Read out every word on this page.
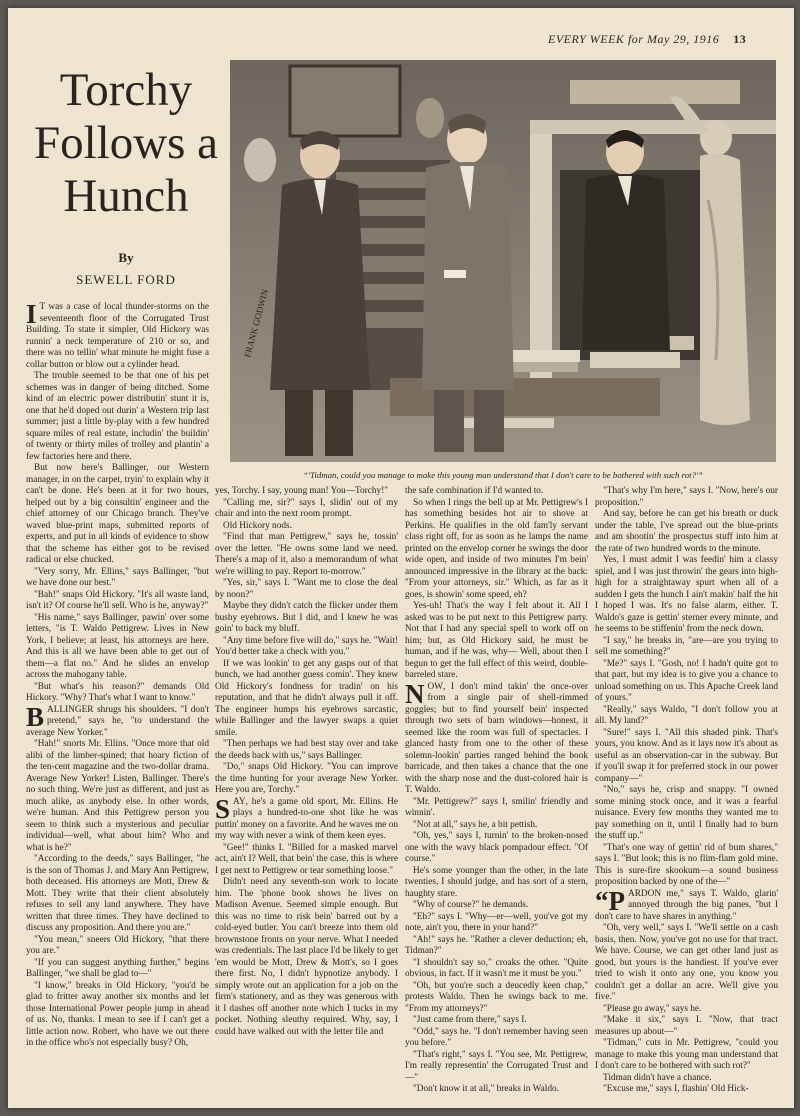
EVERY WEEK for May 29, 1916 13
Torchy
Follows a
Hunch
By
SEWELL FORD
FRANK GODWIN
“'Tidman, could you manage to make this young man understand that I don't care to be bothered with such rot?'”

I T was a case of local thunder-storms on the seventeenth floor of the Corrugated Trust Building. To state it simpler, Old Hickory was runnin' a neck temperature of 210 or so, and there was no tellin' what minute he might fuse a collar button or blow out a cylinder head.

The trouble seemed to be that one of his pet schemes was in danger of being ditched. Some kind of an electric power distributin' stunt it is, one that he'd doped out durin' a Western trip last summer; just a little by-play with a few hundred square miles of real estate, includin' the buildin' of twenty or thirty miles of trolley and plantin' a few factories here and there.

But now here's Ballinger, our Western manager, in on the carpet, tryin' to explain why it can't be done. He's been at it for two hours, helped out by a big consultin' engineer and the chief attorney of our Chicago branch. They've waved blue-print maps, submitted reports of experts, and put in all kinds of evidence to show that the scheme has either got to be revised radical or else chucked.

"Very sorry, Mr. Ellins," says Ballinger, "but we have done our best."

"Bah!" snaps Old Hickory. "It's all waste land, isn't it? Of course he'll sell. Who is he, anyway?"

"His name," says Ballinger, pawin' over some letters, "is T. Waldo Pettigrew. Lives in New York, I believe; at least, his attorneys are here. And this is all we have been able to get out of them—a flat no." And he slides an envelop across the mahogany table.

"But what's his reason?" demands Old Hickory. "Why? That's what I want to know."

BALLINGER shrugs his shoulders. "I don't pretend," says he, "to understand the average New Yorker."

"Hah!" snorts Mr. Ellins. "Once more that old alibi of the limber-spined; that hoary fiction of the ten-cent magazine and the two-dollar drama. Average New Yorker! Listen, Ballinger. There's no such thing. We're just as different, and just as much alike, as anybody else. In other words, we're human. And this Pettigrew person you seem to think such a mysterious and peculiar individual—well, what about him? Who and what is he?"

"According to the deeds," says Ballinger, "he is the son of Thomas J. and Mary Ann Pettigrew, both deceased. His attorneys are Mott, Drew & Mott. They write that their client absolutely refuses to sell any land anywhere. They have written that three times. They have declined to discuss any proposition. And there you are."

"You mean," sneers Old Hickory, "that there you are."

"If you can suggest anything further," begins Ballinger, "we shall be glad to—"

"I know," breaks in Old Hickory, "you'd be glad to fritter away another six months and let those International Power people jump in ahead of us. No, thanks. I mean to see if I can't get a little action now. Robert, who have we out there in the office who's not especially busy? Oh,

yes, Torchy. I say, young man! You—Torchy!"

"Calling me, sir?" says I, slidin' out of my chair and into the next room prompt.

Old Hickory nods.

"Find that man Pettigrew," says he, tossin' over the letter. "He owns some land we need. There's a map of it, also a memorandum of what we're willing to pay. Report to-morrow."

"Yes, sir," says I. "Want me to close the deal by noon?"

Maybe they didn't catch the flicker under them bushy eyebrows. But I did, and I knew he was goin' to back my bluff.

"Any time before five will do," says he. "Wait! You'd better take a check with you."

If we was lookin' to get any gasps out of that bunch, we had another guess comin'. They knew Old Hickory's fondness for tradin' on his reputation, and that he didn't always pull it off. The engineer humps his eyebrows sarcastic, while Ballinger and the lawyer swaps a quiet smile.

"Then perhaps we had best stay over and take the deeds back with us," says Ballinger.

"Do," snaps Old Hickory. "You can improve the time hunting for your average New Yorker. Here you are, Torchy."

SAY, he's a game old sport, Mr. Ellins. He plays a hundred-to-one shot like he was puttin' money on a favorite. And he waves me on my way with never a wink of them keen eyes.

"Gee!" thinks I. "Billed for a masked marvel act, ain't I? Well, that bein' the case, this is where I get next to Pettigrew or tear something loose."

Didn't need any seventh-son work to locate him. The 'phone book shows he lives on Madison Avenue. Seemed simple enough. But this was no time to risk bein' barred out by a cold-eyed butler. You can't breeze into them old brownstone fronts on your nerve. What I needed was credentials. The last place I'd be likely to get 'em would be Mott, Drew & Mott's, so I goes there first. No, I didn't hypnotize anybody. I simply wrote out an application for a job on the firm's stationery, and as they was generous with it I dashes off another note which I tucks in my pocket. Nothing sleuthy required. Why, say, I could have walked out with the letter file and

the safe combination if I'd wanted to.

So when I rings the bell up at Mr. Pettigrew's I has something besides hot air to shove at Perkins. He qualifies in the old fam'ly servant class right off, for as soon as he lamps the name printed on the envelop corner he swings the door wide open, and inside of two minutes I'm bein' announced impressive in the library at the back: "From your attorneys, sir." Which, as far as it goes, is showin' some speed, eh?

Yes-uh! That's the way I felt about it. All I asked was to be put next to this Pettigrew party. Not that I had any special spell to work off on him; but, as Old Hickory said, he must be human, and if he was, why— Well, about then I begun to get the full effect of this weird, double-barreled stare.

NOW, I don't mind takin' the once-over from a single pair of shell-rimmed goggles; but to find yourself bein' inspected through two sets of barn windows—honest, it seemed like the room was full of spectacles. I glanced hasty from one to the other of these solemn-lookin' parties ranged behind the book barricade, and then takes a chance that the one with the sharp nose and the dust-colored hair is T. Waldo.

"Mr. Pettigrew?" says I, smilin' friendly and winnin'.

"Not at all," says he, a bit pettish.

"Oh, yes," says I, turnin' to the broken-nosed one with the wavy black pompadour effect. "Of course."

He's some younger than the other, in the late twenties, I should judge, and has sort of a stern, haughty stare.

"Why of course?" he demands.

"Eh?" says I. "Why—er—well, you've got my note, ain't you, there in your hand?"

"Ah!" says he. "Rather a clever deduction; eh, Tidman?"

"I shouldn't say so," croaks the other. "Quite obvious, in fact. If it wasn't me it must be you."

"Oh, but you're such a deucedly keen chap," protests Waldo. Then he swings back to me. "From my attorneys?"

"Just came from there," says I.

"Odd," says he. "I don't remember having seen you before."

"That's right," says I. "You see, Mr. Pettigrew, I'm really representin' the Corrugated Trust and—"

"Don't know it at all," breaks in Waldo.

"That's why I'm here," says I. "Now, here's our proposition."

And say, before he can get his breath or duck under the table, I've spread out the blue-prints and am shootin' the prospectus stuff into him at the rate of two hundred words to the minute.

Yes, I must admit I was feedin' him a classy spiel, and I was just throwin' the gears into high-high for a straightaway spurt when all of a sudden I gets the hunch I ain't makin' half the hit I hoped I was. It's no false alarm, either. T. Waldo's gaze is gettin' sterner every minute, and he seems to be stiffenin' from the neck down.

"I say," he breaks in, "are—are you trying to sell me something?"

"Me?" says I. "Gosh, no! I hadn't quite got to that part, but my idea is to give you a chance to unload something on us. This Apache Creek land of yours."

"Really," says Waldo, "I don't follow you at all. My land?"

"Sure!" says I. "All this shaded pink. That's yours, you know. And as it lays now it's about as useful as an observation-car in the subway. But if you'll swap it for preferred stock in our power company—"

"No," says he, crisp and snappy. "I owned some mining stock once, and it was a fearful nuisance. Every few months they wanted me to pay something on it, until I finally had to burn the stuff up."

"That's one way of gettin' rid of bum shares," says I. "But look; this is no flim-flam gold mine. This is sure-fire skookum—a sound business proposition backed by one of the—"

“PARDON me," says T. Waldo, glarin' annoyed through the big panes, "but I don't care to have shares in anything."

"Oh, very well," says I. "We'll settle on a cash basis, then. Now, you've got no use for that tract. We have. Course, we can get other land just as good, but yours is the handiest. If you've ever tried to wish it onto any one, you know you couldn't get a dollar an acre. We'll give you five."

"Please go away," says he.

"Make it six," says I. "Now, that tract measures up about—"

"Tidman," cuts in Mr. Pettigrew, "could you manage to make this young man understand that I don't care to be bothered with such rot?"

Tidman didn't have a chance.

"Excuse me," says I, flashin' Old Hick-
